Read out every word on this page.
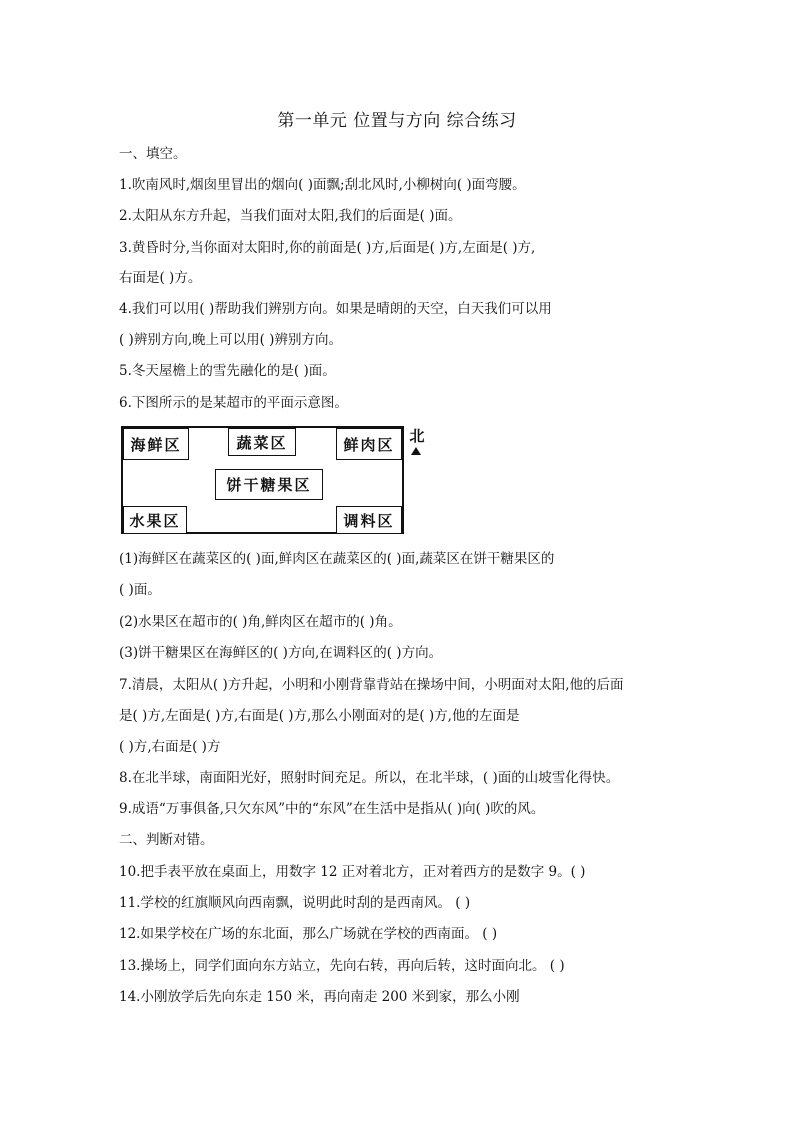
第一单元 位置与方向 综合练习
一、填空。
1.吹南风时,烟囱里冒出的烟向( )面飘;刮北风时,小柳树向( )面弯腰。
2.太阳从东方升起，当我们面对太阳,我们的后面是( )面。
3.黄昏时分,当你面对太阳时,你的前面是( )方,后面是( )方,左面是( )方,
右面是( )方。
4.我们可以用( )帮助我们辨别方向。如果是晴朗的天空，白天我们可以用
( )辨别方向,晚上可以用( )辨别方向。
5.冬天屋檐上的雪先融化的是( )面。
6.下图所示的是某超市的平面示意图。
海鲜区	蔬菜区	鲜肉区
饼干糖果区
水果区	调料区
北
(1)海鲜区在蔬菜区的( )面,鲜肉区在蔬菜区的( )面,蔬菜区在饼干糖果区的
( )面。
(2)水果区在超市的( )角,鲜肉区在超市的( )角。
(3)饼干糖果区在海鲜区的( )方向,在调料区的( )方向。
7.清晨，太阳从( )方升起，小明和小刚背靠背站在操场中间，小明面对太阳,他的后面
是( )方,左面是( )方,右面是( )方,那么小刚面对的是( )方,他的左面是
( )方,右面是( )方
8.在北半球，南面阳光好，照射时间充足。所以，在北半球，( )面的山坡雪化得快。
9.成语“万事俱备,只欠东风”中的“东风”在生活中是指从( )向( )吹的风。
二、判断对错。
10.把手表平放在桌面上，用数字 12 正对着北方，正对着西方的是数字 9。( )
11.学校的红旗顺风向西南飘，说明此时刮的是西南风。 ( )
12.如果学校在广场的东北面，那么广场就在学校的西南面。 ( )
13.操场上，同学们面向东方站立，先向右转，再向后转，这时面向北。 ( )
14.小刚放学后先向东走 150 米，再向南走 200 米到家，那么小刚
